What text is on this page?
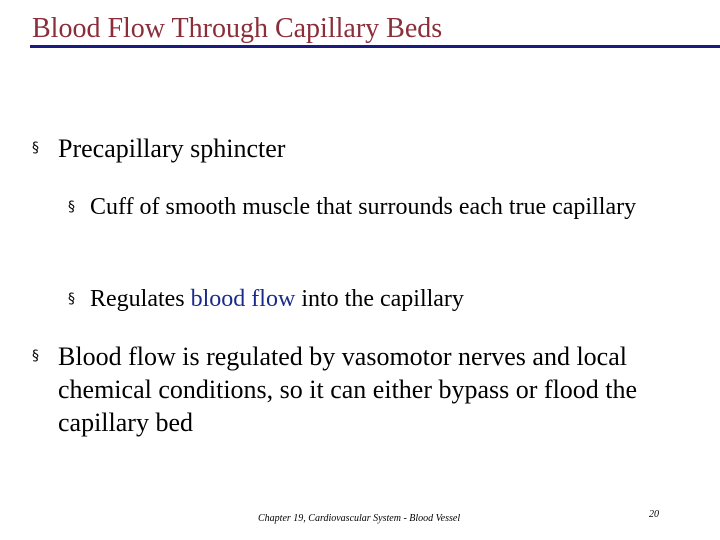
Blood Flow Through Capillary Beds
§ Precapillary sphincter
§ Cuff of smooth muscle that surrounds each true capillary
§ Regulates blood flow into the capillary
§ Blood flow is regulated by vasomotor nerves and local chemical conditions, so it can either bypass or flood the capillary bed
Chapter 19, Cardiovascular System - Blood Vessel	20
